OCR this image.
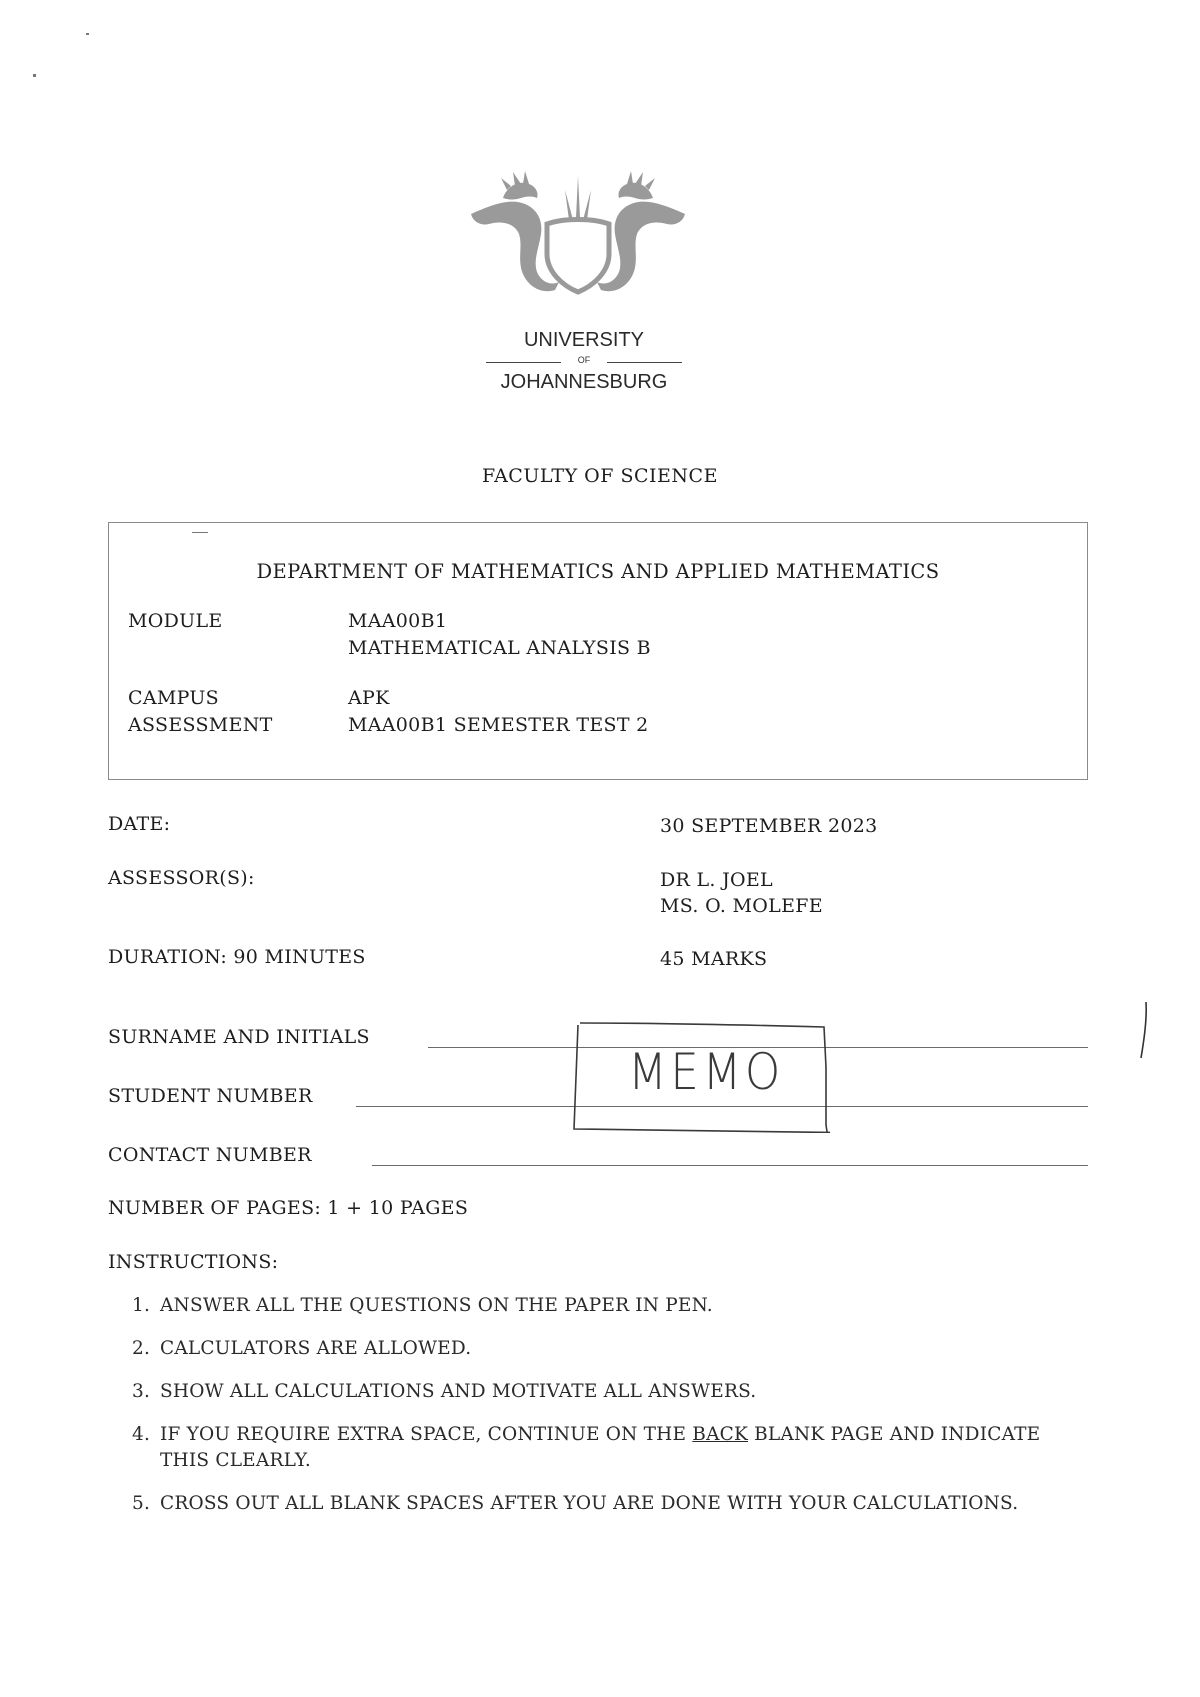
UNIVERSITY
OF
JOHANNESBURG
FACULTY OF SCIENCE
DEPARTMENT OF MATHEMATICS AND APPLIED MATHEMATICS
MODULE	MAA00B1
MATHEMATICAL ANALYSIS B
CAMPUS	APK
ASSESSMENT	MAA00B1 SEMESTER TEST 2
DATE:	30 SEPTEMBER 2023
ASSESSOR(S):	DR L. JOEL
MS. O. MOLEFE
DURATION: 90 MINUTES	45 MARKS
SURNAME AND INITIALS
STUDENT NUMBER
CONTACT NUMBER
MEMO
NUMBER OF PAGES: 1 + 10 PAGES
INSTRUCTIONS:
1. ANSWER ALL THE QUESTIONS ON THE PAPER IN PEN.
2. CALCULATORS ARE ALLOWED.
3. SHOW ALL CALCULATIONS AND MOTIVATE ALL ANSWERS.
4. IF YOU REQUIRE EXTRA SPACE, CONTINUE ON THE BACK BLANK PAGE AND INDICATE
THIS CLEARLY.
5. CROSS OUT ALL BLANK SPACES AFTER YOU ARE DONE WITH YOUR CALCULATIONS.
